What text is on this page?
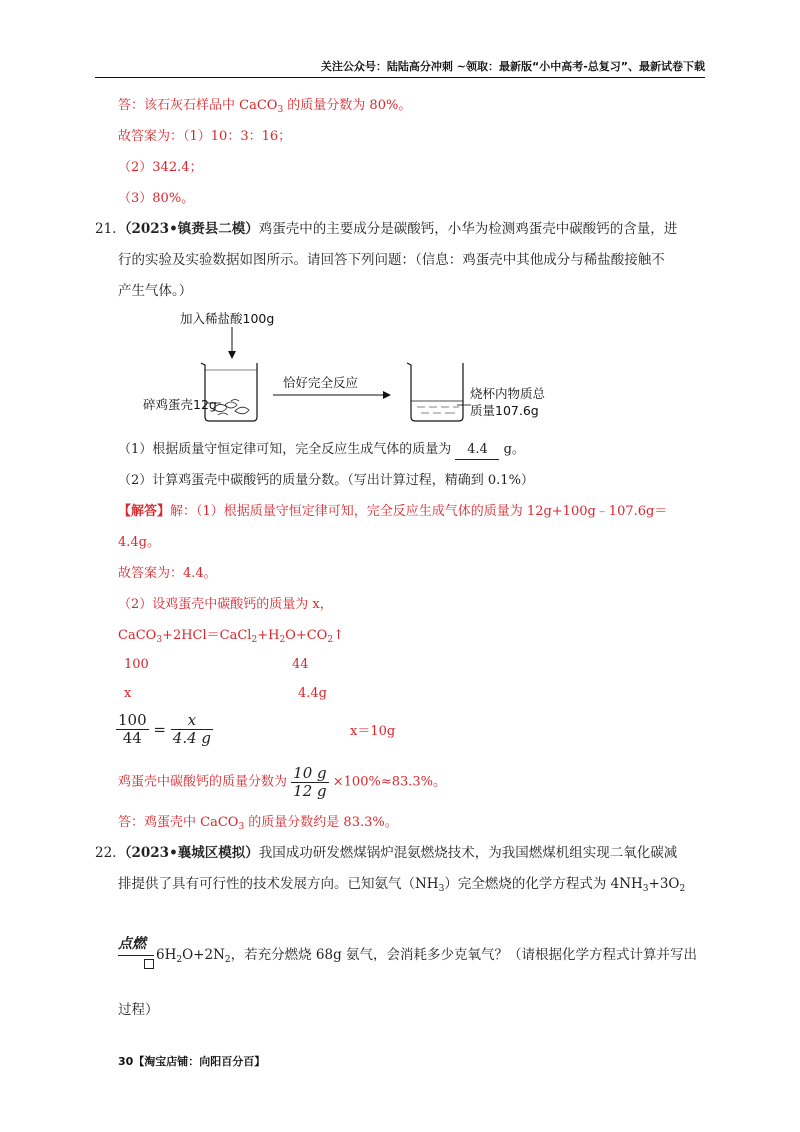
关注公众号：陆陆高分冲刺 ~领取：最新版“小中高考-总复习”、最新试卷下载
答：该石灰石样品中 CaCO$_3$ 的质量分数为 80%。
故答案为：（1）10：3：16；
（2）342.4；
（3）80%。
21. （2023•镇赉县二模）鸡蛋壳中的主要成分是碳酸钙，小华为检测鸡蛋壳中碳酸钙的含量，进
行的实验及实验数据如图所示。请回答下列问题：（信息：鸡蛋壳中其他成分与稀盐酸接触不
产生气体。）
加入稀盐酸100g
碎鸡蛋壳12g
恰好完全反应
烧杯内物质总
质量107.6g
（1）根据质量守恒定律可知，完全反应生成气体的质量为 4.4 g。
（2）计算鸡蛋壳中碳酸钙的质量分数。（写出计算过程，精确到 0.1%）
【解答】解：（1）根据质量守恒定律可知，完全反应生成气体的质量为 12g+100g﹣107.6g＝
4.4g。
故答案为：4.4。
（2）设鸡蛋壳中碳酸钙的质量为 x，
$CaCO_3+2HCl=CaCl_2+H_2O+CO_2↑$
100	44
x	4.4g
$\frac{100}{44} = \frac{x}{4.4 g}$	x＝10g
鸡蛋壳中碳酸钙的质量分数为 $\frac{10 g}{12 g} \times 100\%\approx 83.3\%$。
答：鸡蛋壳中 CaCO$_3$ 的质量分数约是 83.3%。
22. （2023•襄城区模拟）我国成功研发燃煤锅炉混氨燃烧技术，为我国燃煤机组实现二氧化碳减
排提供了具有可行性的技术发展方向。已知氨气$(NH_3)$完全燃烧的化学方程式为 $4NH_3+3O_2$
点燃
$6H_2O+2N_2$，若充分燃烧 68g 氨气，会消耗多少克氧气？（请根据化学方程式计算并写出
过程）
30【淘宝店铺：向阳百分百】
